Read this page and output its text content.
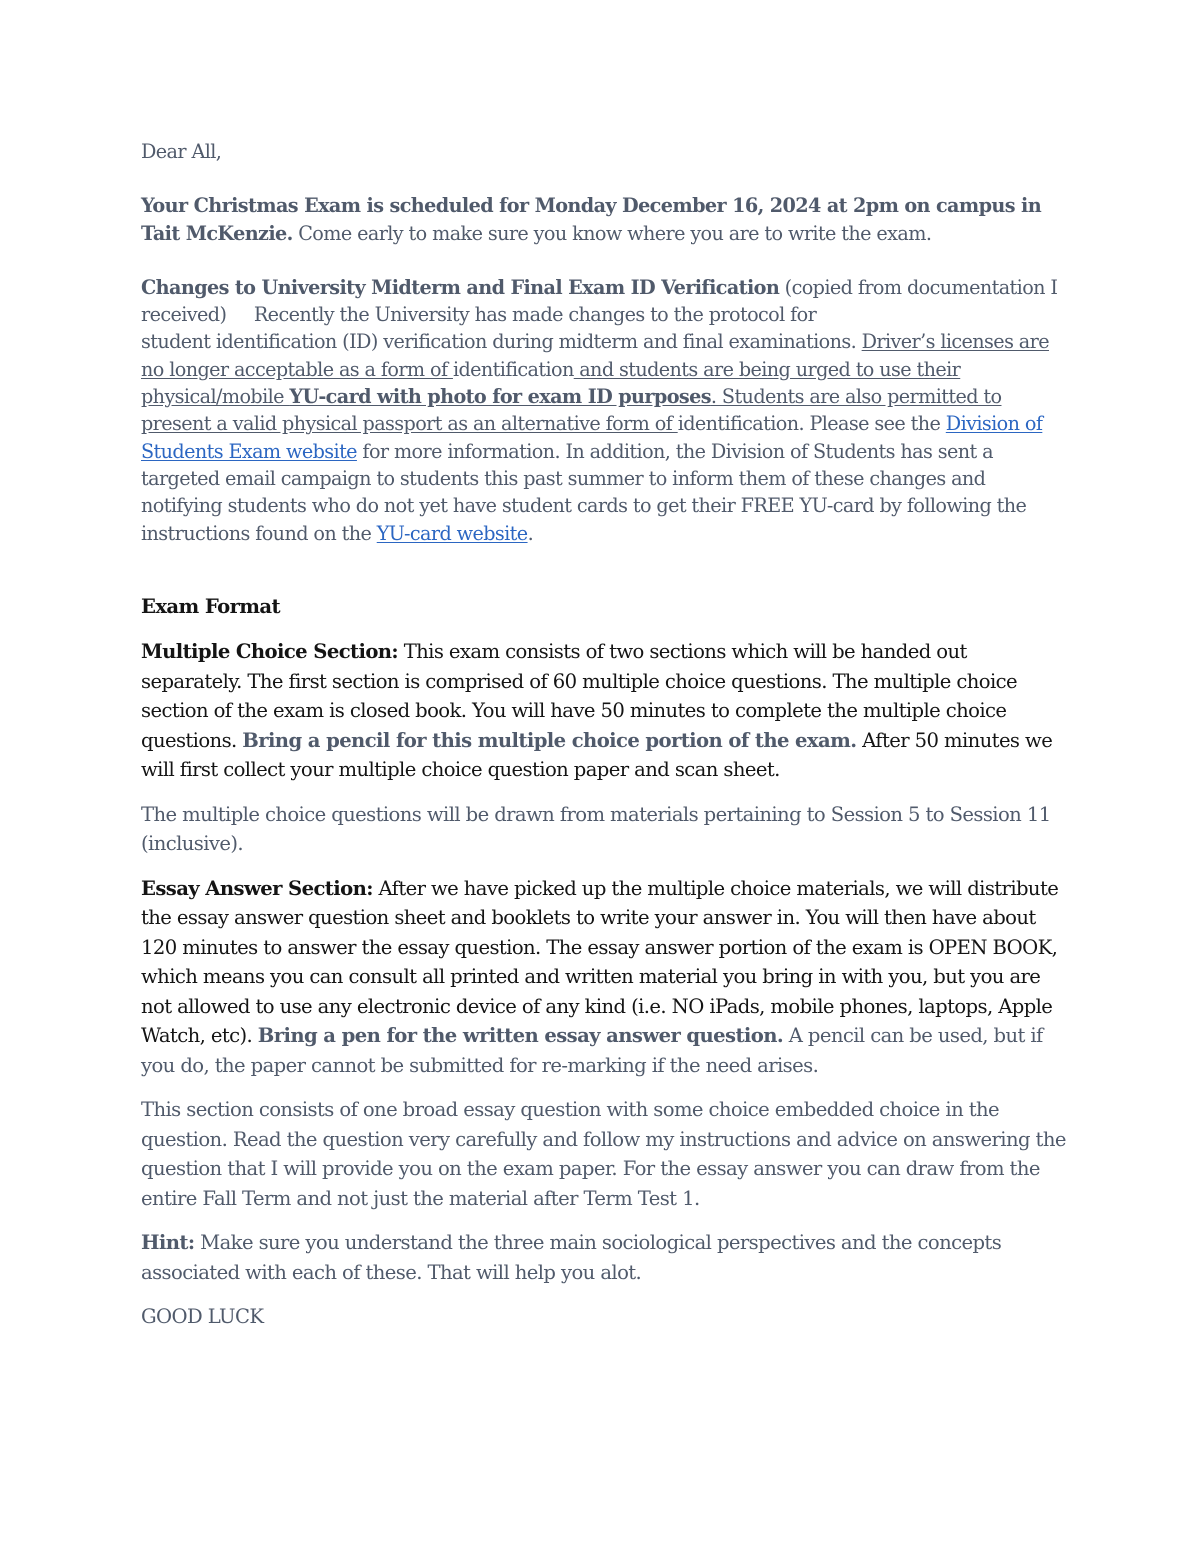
Dear All,

Your Christmas Exam is scheduled for Monday December 16, 2024 at 2pm on campus in Tait McKenzie. Come early to make sure you know where you are to write the exam.

Changes to University Midterm and Final Exam ID Verification (copied from documentation I received)     Recently the University has made changes to the protocol for
student identification (ID) verification during midterm and final examinations. Driver’s licenses are no longer acceptable as a form of identification and students are being urged to use their physical/mobile YU-card with photo for exam ID purposes. Students are also permitted to present a valid physical passport as an alternative form of identification. Please see the Division of Students Exam website for more information. In addition, the Division of Students has sent a targeted email campaign to students this past summer to inform them of these changes and notifying students who do not yet have student cards to get their FREE YU-card by following the instructions found on the YU-card website.

Exam Format

Multiple Choice Section: This exam consists of two sections which will be handed out separately. The first section is comprised of 60 multiple choice questions. The multiple choice section of the exam is closed book. You will have 50 minutes to complete the multiple choice questions. Bring a pencil for this multiple choice portion of the exam. After 50 minutes we will first collect your multiple choice question paper and scan sheet.

The multiple choice questions will be drawn from materials pertaining to Session 5 to Session 11 (inclusive).

Essay Answer Section: After we have picked up the multiple choice materials, we will distribute the essay answer question sheet and booklets to write your answer in. You will then have about 120 minutes to answer the essay question. The essay answer portion of the exam is OPEN BOOK, which means you can consult all printed and written material you bring in with you, but you are not allowed to use any electronic device of any kind (i.e. NO iPads, mobile phones, laptops, Apple Watch, etc). Bring a pen for the written essay answer question. A pencil can be used, but if you do, the paper cannot be submitted for re-marking if the need arises.

This section consists of one broad essay question with some choice embedded choice in the question. Read the question very carefully and follow my instructions and advice on answering the question that I will provide you on the exam paper. For the essay answer you can draw from the entire Fall Term and not just the material after Term Test 1.

Hint: Make sure you understand the three main sociological perspectives and the concepts associated with each of these. That will help you alot.

GOOD LUCK
